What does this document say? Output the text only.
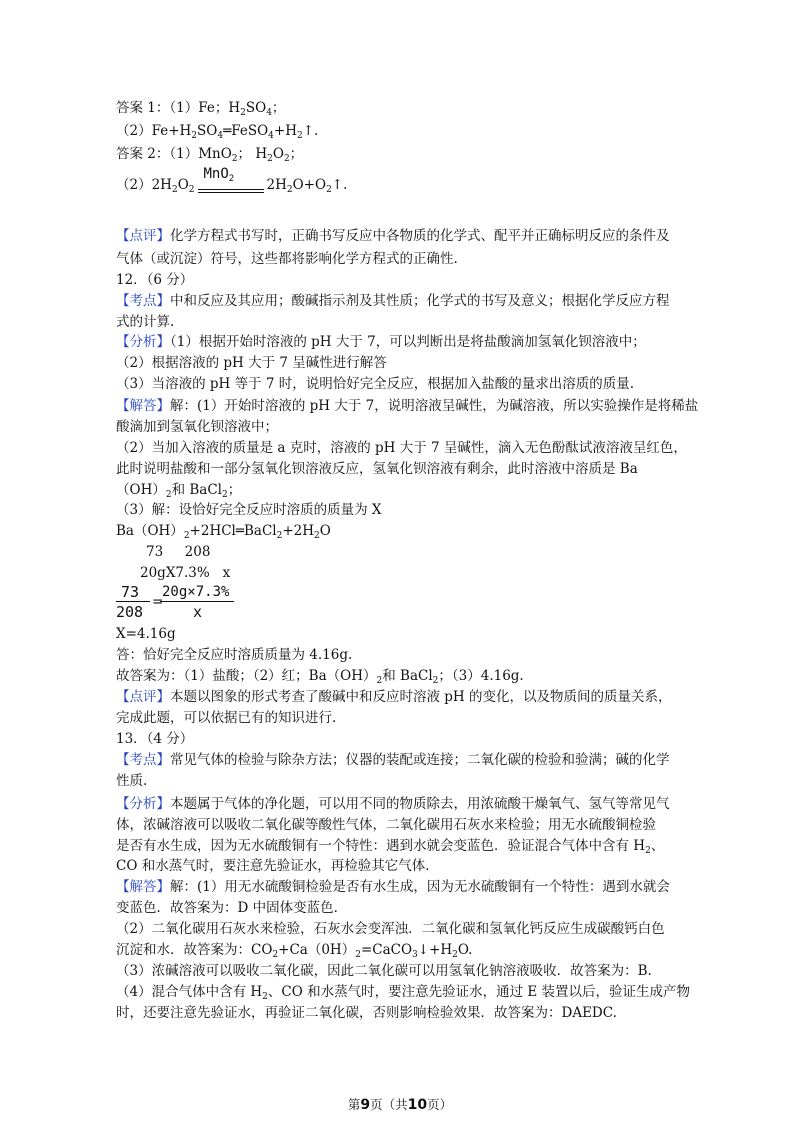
答案 1：（1）Fe；$H_2SO_4$；
$(2)Fe+H_2SO_4═FeSO_4+H_2↑$.
答案 2：（1）MnO$_2$； $H_2O_2$；
$(2)2H_2O_2$
MnO$_2$ $2H_2O+O_2↑$.
【点评】化学方程式书写时，正确书写反应中各物质的化学式、配平并正确标明反应的条件及
气体（或沉淀）符号，这些都将影响化学方程式的正确性.
12．（6 分）
【考点】中和反应及其应用；酸碱指示剂及其性质；化学式的书写及意义；根据化学反应方程
式的计算.
【分析】（1）根据开始时溶液的 pH 大于 7，可以判断出是将盐酸滴加氢氧化钡溶液中；
（2）根据溶液的 pH 大于 7 呈碱性进行解答
（3）当溶液的 pH 等于 7 时，说明恰好完全反应，根据加入盐酸的量求出溶质的质量.
【解答】解：(1）开始时溶液的 pH 大于 7，说明溶液呈碱性，为碱溶液，所以实验操作是将稀盐
酸滴加到氢氧化钡溶液中；
（2）当加入溶液的质量是 a 克时，溶液的 pH 大于 7 呈碱性，滴入无色酚酞试液溶液呈红色，
此时说明盐酸和一部分氢氧化钡溶液反应，氢氧化钡溶液有剩余，此时溶液中溶质是 Ba
$(OH)_2$和 BaCl$_2$；
（3）解：设恰好完全反应时溶质的质量为 X
$Ba(OH)_2+2HCl═BaCl_2+2H_2O$
73     208
20gX7.3%   x
73
208
=
20g×7.3%
x
X=4.16g
答：恰好完全反应时溶质质量为 4.16g.
故答案为：（1）盐酸；（2）红；$Ba(OH)_2$和 BaCl$_2$；（3）4.16g.
【点评】本题以图象的形式考查了酸碱中和反应时溶液 pH 的变化，以及物质间的质量关系，
完成此题，可以依据已有的知识进行.
13．（4 分）
【考点】常见气体的检验与除杂方法；仪器的装配或连接；二氧化碳的检验和验满；碱的化学
性质.
【分析】本题属于气体的净化题，可以用不同的物质除去，用浓硫酸干燥氧气、氢气等常见气
体，浓碱溶液可以吸收二氧化碳等酸性气体，二氧化碳用石灰水来检验；用无水硫酸铜检验
是否有水生成，因为无水硫酸铜有一个特性：遇到水就会变蓝色．验证混合气体中含有 $H_2$、
CO 和水蒸气时，要注意先验证水，再检验其它气体．
【解答】解：(1）用无水硫酸铜检验是否有水生成，因为无水硫酸铜有一个特性：遇到水就会
变蓝色．故答案为：D 中固体变蓝色．
（2）二氧化碳用石灰水来检验，石灰水会变浑浊．二氧化碳和氢氧化钙反应生成碳酸钙白色
沉淀和水．故答案为：$CO_2+Ca(0H)_2=CaCO_3↓+H_2O$.
（3）浓碱溶液可以吸收二氧化碳，因此二氧化碳可以用氢氧化钠溶液吸收．故答案为：B.
（4）混合气体中含有 $H_2$、CO 和水蒸气时，要注意先验证水，通过 E 装置以后，验证生成产物
时，还要注意先验证水，再验证二氧化碳，否则影响检验效果．故答案为：DAEDC.
第9页（共10页）
